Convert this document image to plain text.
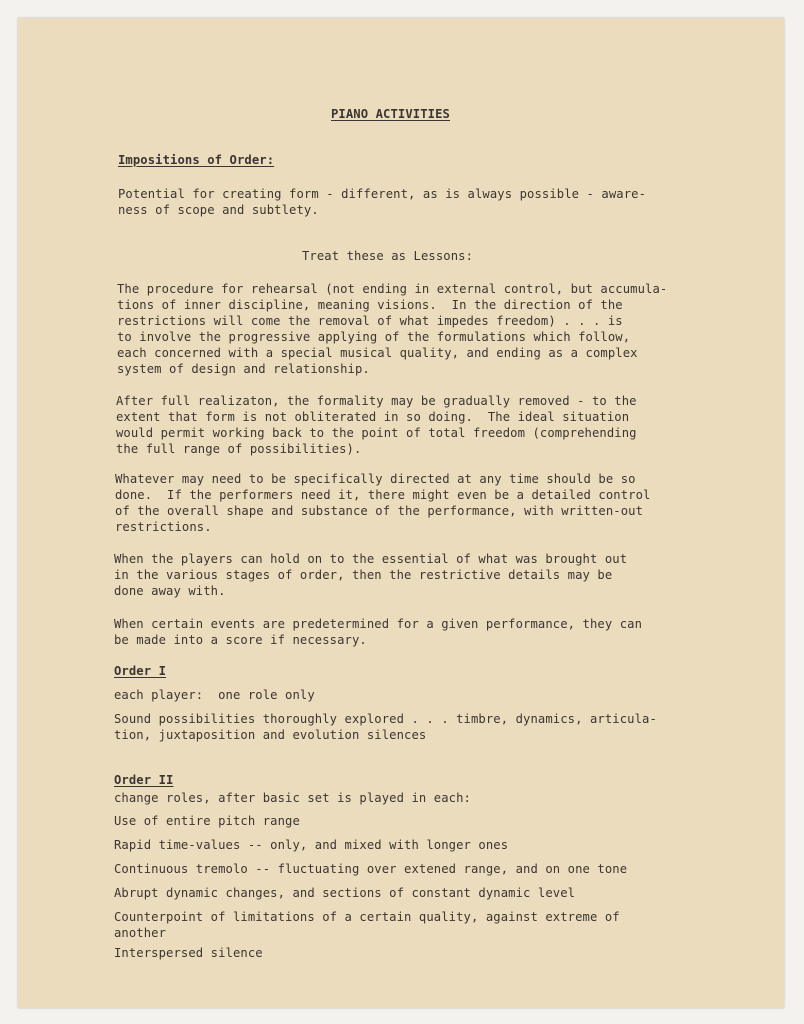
PIANO ACTIVITIES
Impositions of Order:
Potential for creating form - different, as is always possible - aware-
ness of scope and subtlety.
Treat these as Lessons:
The procedure for rehearsal (not ending in external control, but accumula-
tions of inner discipline, meaning visions.  In the direction of the
restrictions will come the removal of what impedes freedom) . . . is
to involve the progressive applying of the formulations which follow,
each concerned with a special musical quality, and ending as a complex
system of design and relationship.
After full realizaton, the formality may be gradually removed - to the
extent that form is not obliterated in so doing.  The ideal situation
would permit working back to the point of total freedom (comprehending
the full range of possibilities).
Whatever may need to be specifically directed at any time should be so
done.  If the performers need it, there might even be a detailed control
of the overall shape and substance of the performance, with written-out
restrictions.
When the players can hold on to the essential of what was brought out
in the various stages of order, then the restrictive details may be
done away with.
When certain events are predetermined for a given performance, they can
be made into a score if necessary.
Order I
each player:  one role only
Sound possibilities thoroughly explored . . . timbre, dynamics, articula-
tion, juxtaposition and evolution silences
Order II
change roles, after basic set is played in each:
Use of entire pitch range
Rapid time-values -- only, and mixed with longer ones
Continuous tremolo -- fluctuating over extened range, and on one tone
Abrupt dynamic changes, and sections of constant dynamic level
Counterpoint of limitations of a certain quality, against extreme of
another
Interspersed silence
